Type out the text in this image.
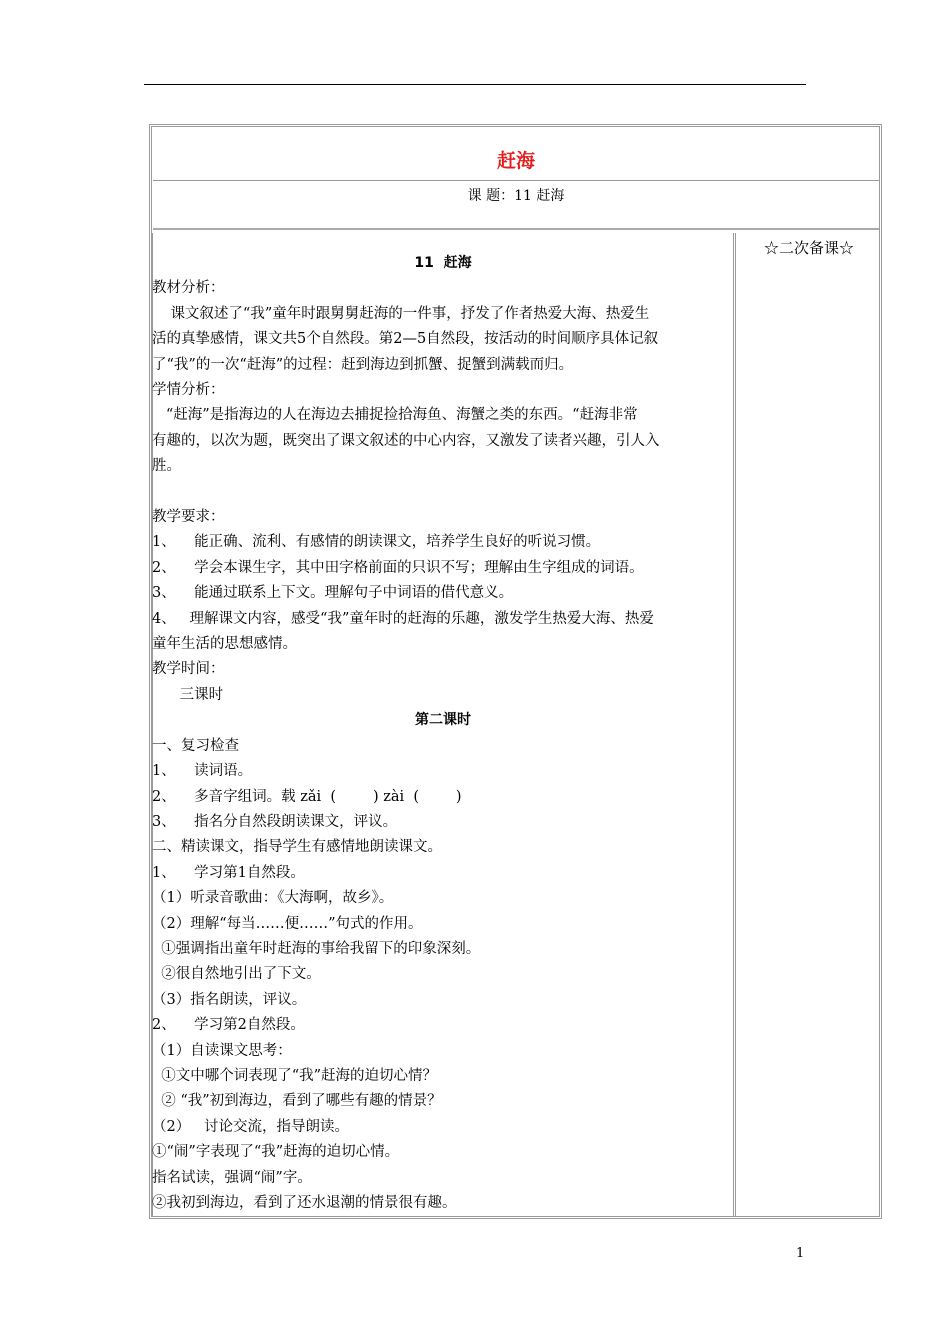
赶海
课 题：11 赶海
11  赶海
教材分析：
课文叙述了“我”童年时跟舅舅赶海的一件事，抒发了作者热爱大海、热爱生
活的真挚感情，课文共5个自然段。第2—5自然段，按活动的时间顺序具体记叙
了“我”的一次“赶海”的过程：赶到海边到抓蟹、捉蟹到满载而归。
学情分析：
“赶海”是指海边的人在海边去捕捉捡拾海鱼、海蟹之类的东西。“赶海非常
有趣的，以次为题，既突出了课文叙述的中心内容，又激发了读者兴趣，引人入
胜。
教学要求：
1、    能正确、流利、有感情的朗读课文，培养学生良好的听说习惯。
2、    学会本课生字，其中田字格前面的只识不写；理解由生字组成的词语。
3、    能通过联系上下文。理解句子中词语的借代意义。
4、   理解课文内容，感受“我”童年时的赶海的乐趣，激发学生热爱大海、热爱
童年生活的思想感情。
教学时间：
三课时
第二课时
一、复习检查
1、    读词语。
2、    多音字组词。载 zǎi  (        ) zài  (        )
3、    指名分自然段朗读课文，评议。
二、精读课文，指导学生有感情地朗读课文。
1、    学习第1自然段。
（1）听录音歌曲：《大海啊，故乡》。
（2）理解“每当……便……”句式的作用。
①强调指出童年时赶海的事给我留下的印象深刻。
②很自然地引出了下文。
（3）指名朗读，评议。
2、    学习第2自然段。
（1）自读课文思考：
①文中哪个词表现了“我”赶海的迫切心情？
② “我”初到海边，看到了哪些有趣的情景？
（2）   讨论交流，指导朗读。
①“闹”字表现了“我”赶海的迫切心情。
指名试读，强调“闹”字。
②我初到海边，看到了还水退潮的情景很有趣。
☆二次备课☆
1
